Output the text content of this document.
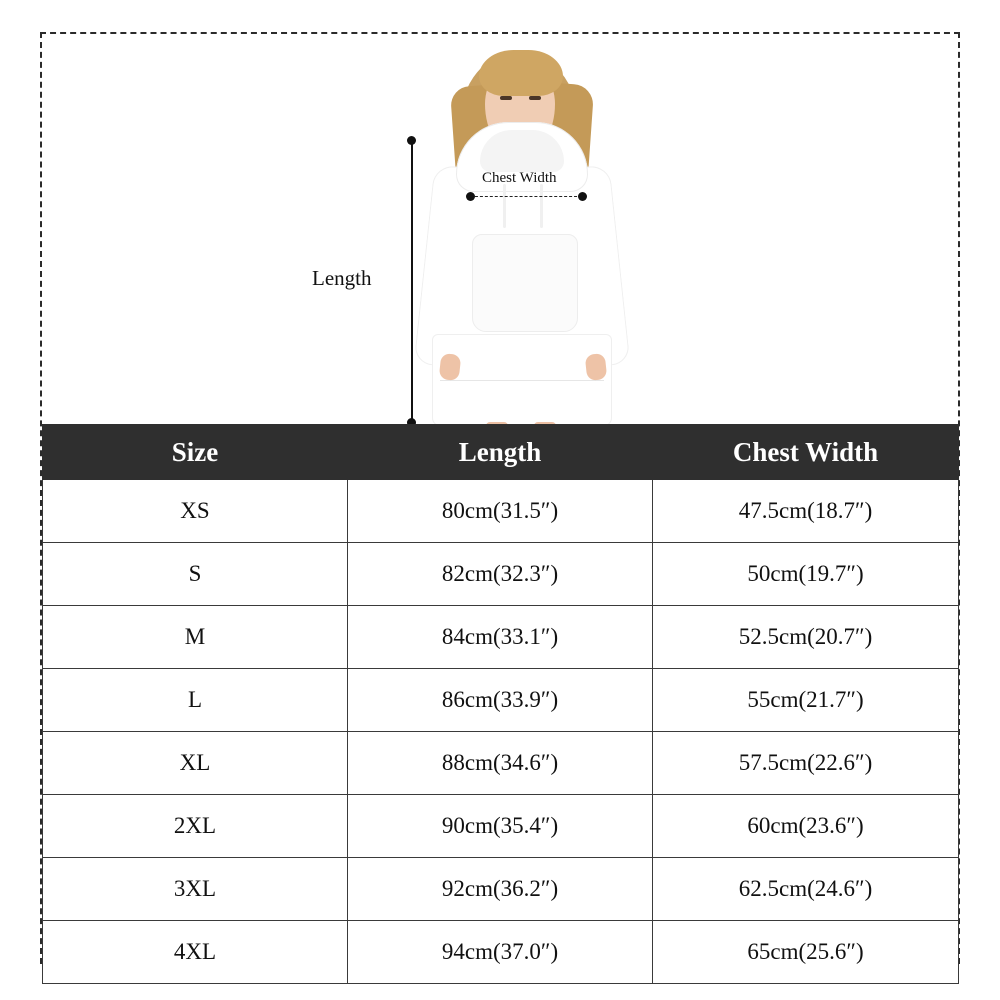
Length
Chest Width
Size	Length	Chest Width
XS	80cm(31.5″)	47.5cm(18.7″)
S	82cm(32.3″)	50cm(19.7″)
M	84cm(33.1″)	52.5cm(20.7″)
L	86cm(33.9″)	55cm(21.7″)
XL	88cm(34.6″)	57.5cm(22.6″)
2XL	90cm(35.4″)	60cm(23.6″)
3XL	92cm(36.2″)	62.5cm(24.6″)
4XL	94cm(37.0″)	65cm(25.6″)
